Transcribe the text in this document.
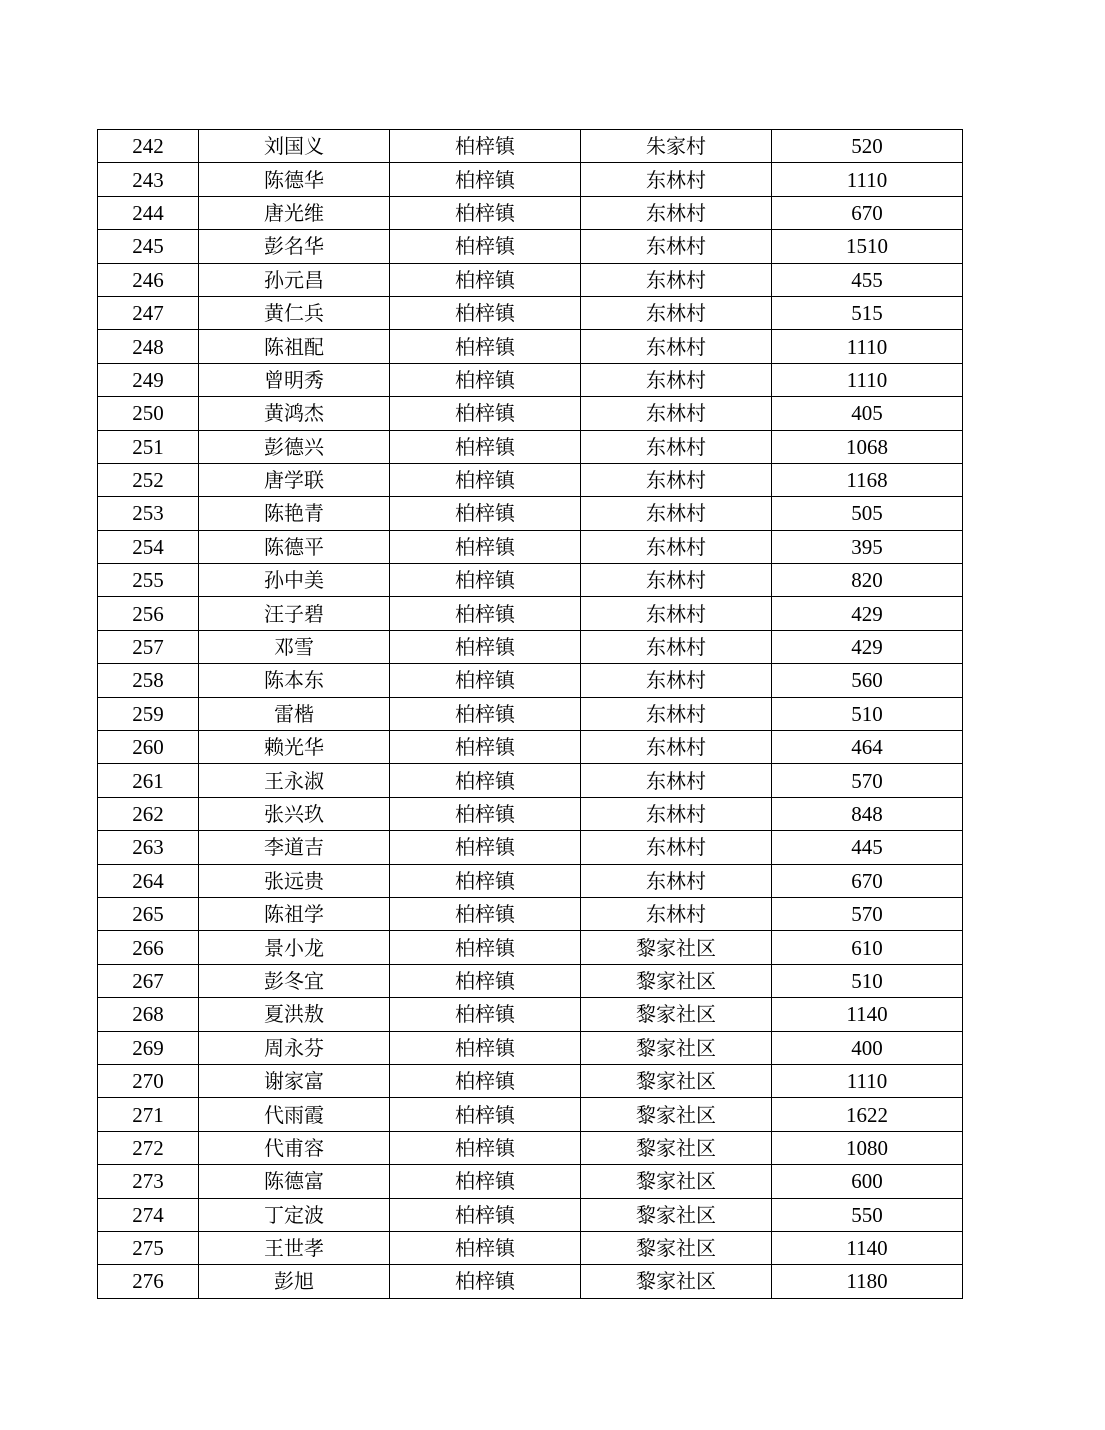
242	刘国义	柏梓镇	朱家村	520
243	陈德华	柏梓镇	东林村	1110
244	唐光维	柏梓镇	东林村	670
245	彭名华	柏梓镇	东林村	1510
246	孙元昌	柏梓镇	东林村	455
247	黄仁兵	柏梓镇	东林村	515
248	陈祖配	柏梓镇	东林村	1110
249	曾明秀	柏梓镇	东林村	1110
250	黄鸿杰	柏梓镇	东林村	405
251	彭德兴	柏梓镇	东林村	1068
252	唐学联	柏梓镇	东林村	1168
253	陈艳青	柏梓镇	东林村	505
254	陈德平	柏梓镇	东林村	395
255	孙中美	柏梓镇	东林村	820
256	汪子碧	柏梓镇	东林村	429
257	邓雪	柏梓镇	东林村	429
258	陈本东	柏梓镇	东林村	560
259	雷楷	柏梓镇	东林村	510
260	赖光华	柏梓镇	东林村	464
261	王永淑	柏梓镇	东林村	570
262	张兴玖	柏梓镇	东林村	848
263	李道吉	柏梓镇	东林村	445
264	张远贵	柏梓镇	东林村	670
265	陈祖学	柏梓镇	东林村	570
266	景小龙	柏梓镇	黎家社区	610
267	彭冬宜	柏梓镇	黎家社区	510
268	夏洪敖	柏梓镇	黎家社区	1140
269	周永芬	柏梓镇	黎家社区	400
270	谢家富	柏梓镇	黎家社区	1110
271	代雨霞	柏梓镇	黎家社区	1622
272	代甫容	柏梓镇	黎家社区	1080
273	陈德富	柏梓镇	黎家社区	600
274	丁定波	柏梓镇	黎家社区	550
275	王世孝	柏梓镇	黎家社区	1140
276	彭旭	柏梓镇	黎家社区	1180
